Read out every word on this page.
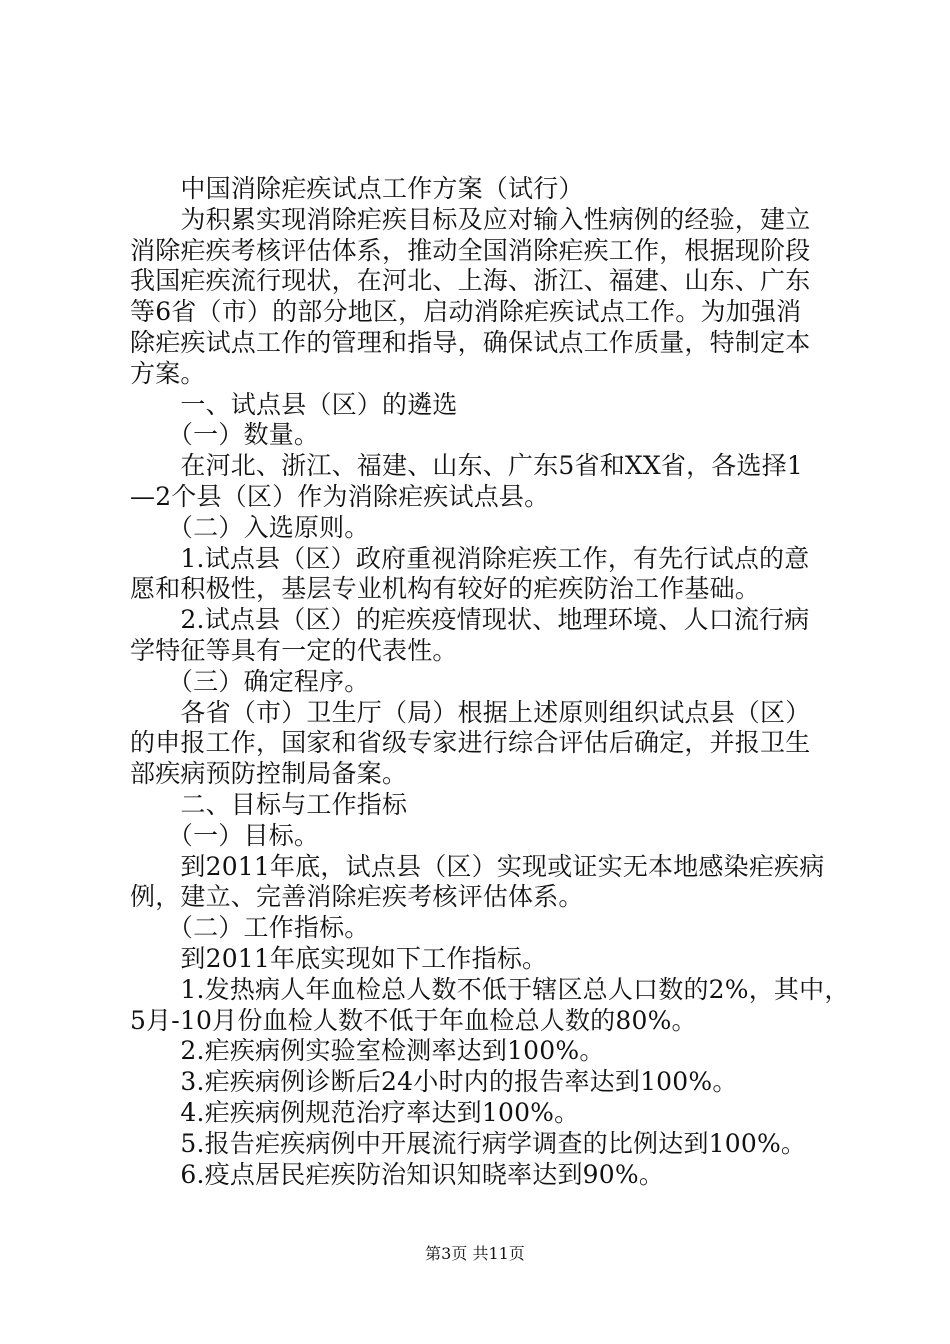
　　中国消除疟疾试点工作方案（试行）
　　为积累实现消除疟疾目标及应对输入性病例的经验，建立
消除疟疾考核评估体系，推动全国消除疟疾工作，根据现阶段
我国疟疾流行现状，在河北、上海、浙江、福建、山东、广东
等6省（市）的部分地区，启动消除疟疾试点工作。为加强消
除疟疾试点工作的管理和指导，确保试点工作质量，特制定本
方案。
　　一、试点县（区）的遴选
　　（一）数量。
　　在河北、浙江、福建、山东、广东5省和XX省，各选择1
—2个县（区）作为消除疟疾试点县。
　　（二）入选原则。
　　1.试点县（区）政府重视消除疟疾工作，有先行试点的意
愿和积极性，基层专业机构有较好的疟疾防治工作基础。
　　2.试点县（区）的疟疾疫情现状、地理环境、人口流行病
学特征等具有一定的代表性。
　　（三）确定程序。
　　各省（市）卫生厅（局）根据上述原则组织试点县（区）
的申报工作，国家和省级专家进行综合评估后确定，并报卫生
部疾病预防控制局备案。
　　二、目标与工作指标
　　（一）目标。
　　到2011年底，试点县（区）实现或证实无本地感染疟疾病
例，建立、完善消除疟疾考核评估体系。
　　（二）工作指标。
　　到2011年底实现如下工作指标。
　　1.发热病人年血检总人数不低于辖区总人口数的2%，其中，
5月-10月份血检人数不低于年血检总人数的80%。
　　2.疟疾病例实验室检测率达到100%。
　　3.疟疾病例诊断后24小时内的报告率达到100%。
　　4.疟疾病例规范治疗率达到100%。
　　5.报告疟疾病例中开展流行病学调查的比例达到100%。
　　6.疫点居民疟疾防治知识知晓率达到90%。
第3页 共11页
